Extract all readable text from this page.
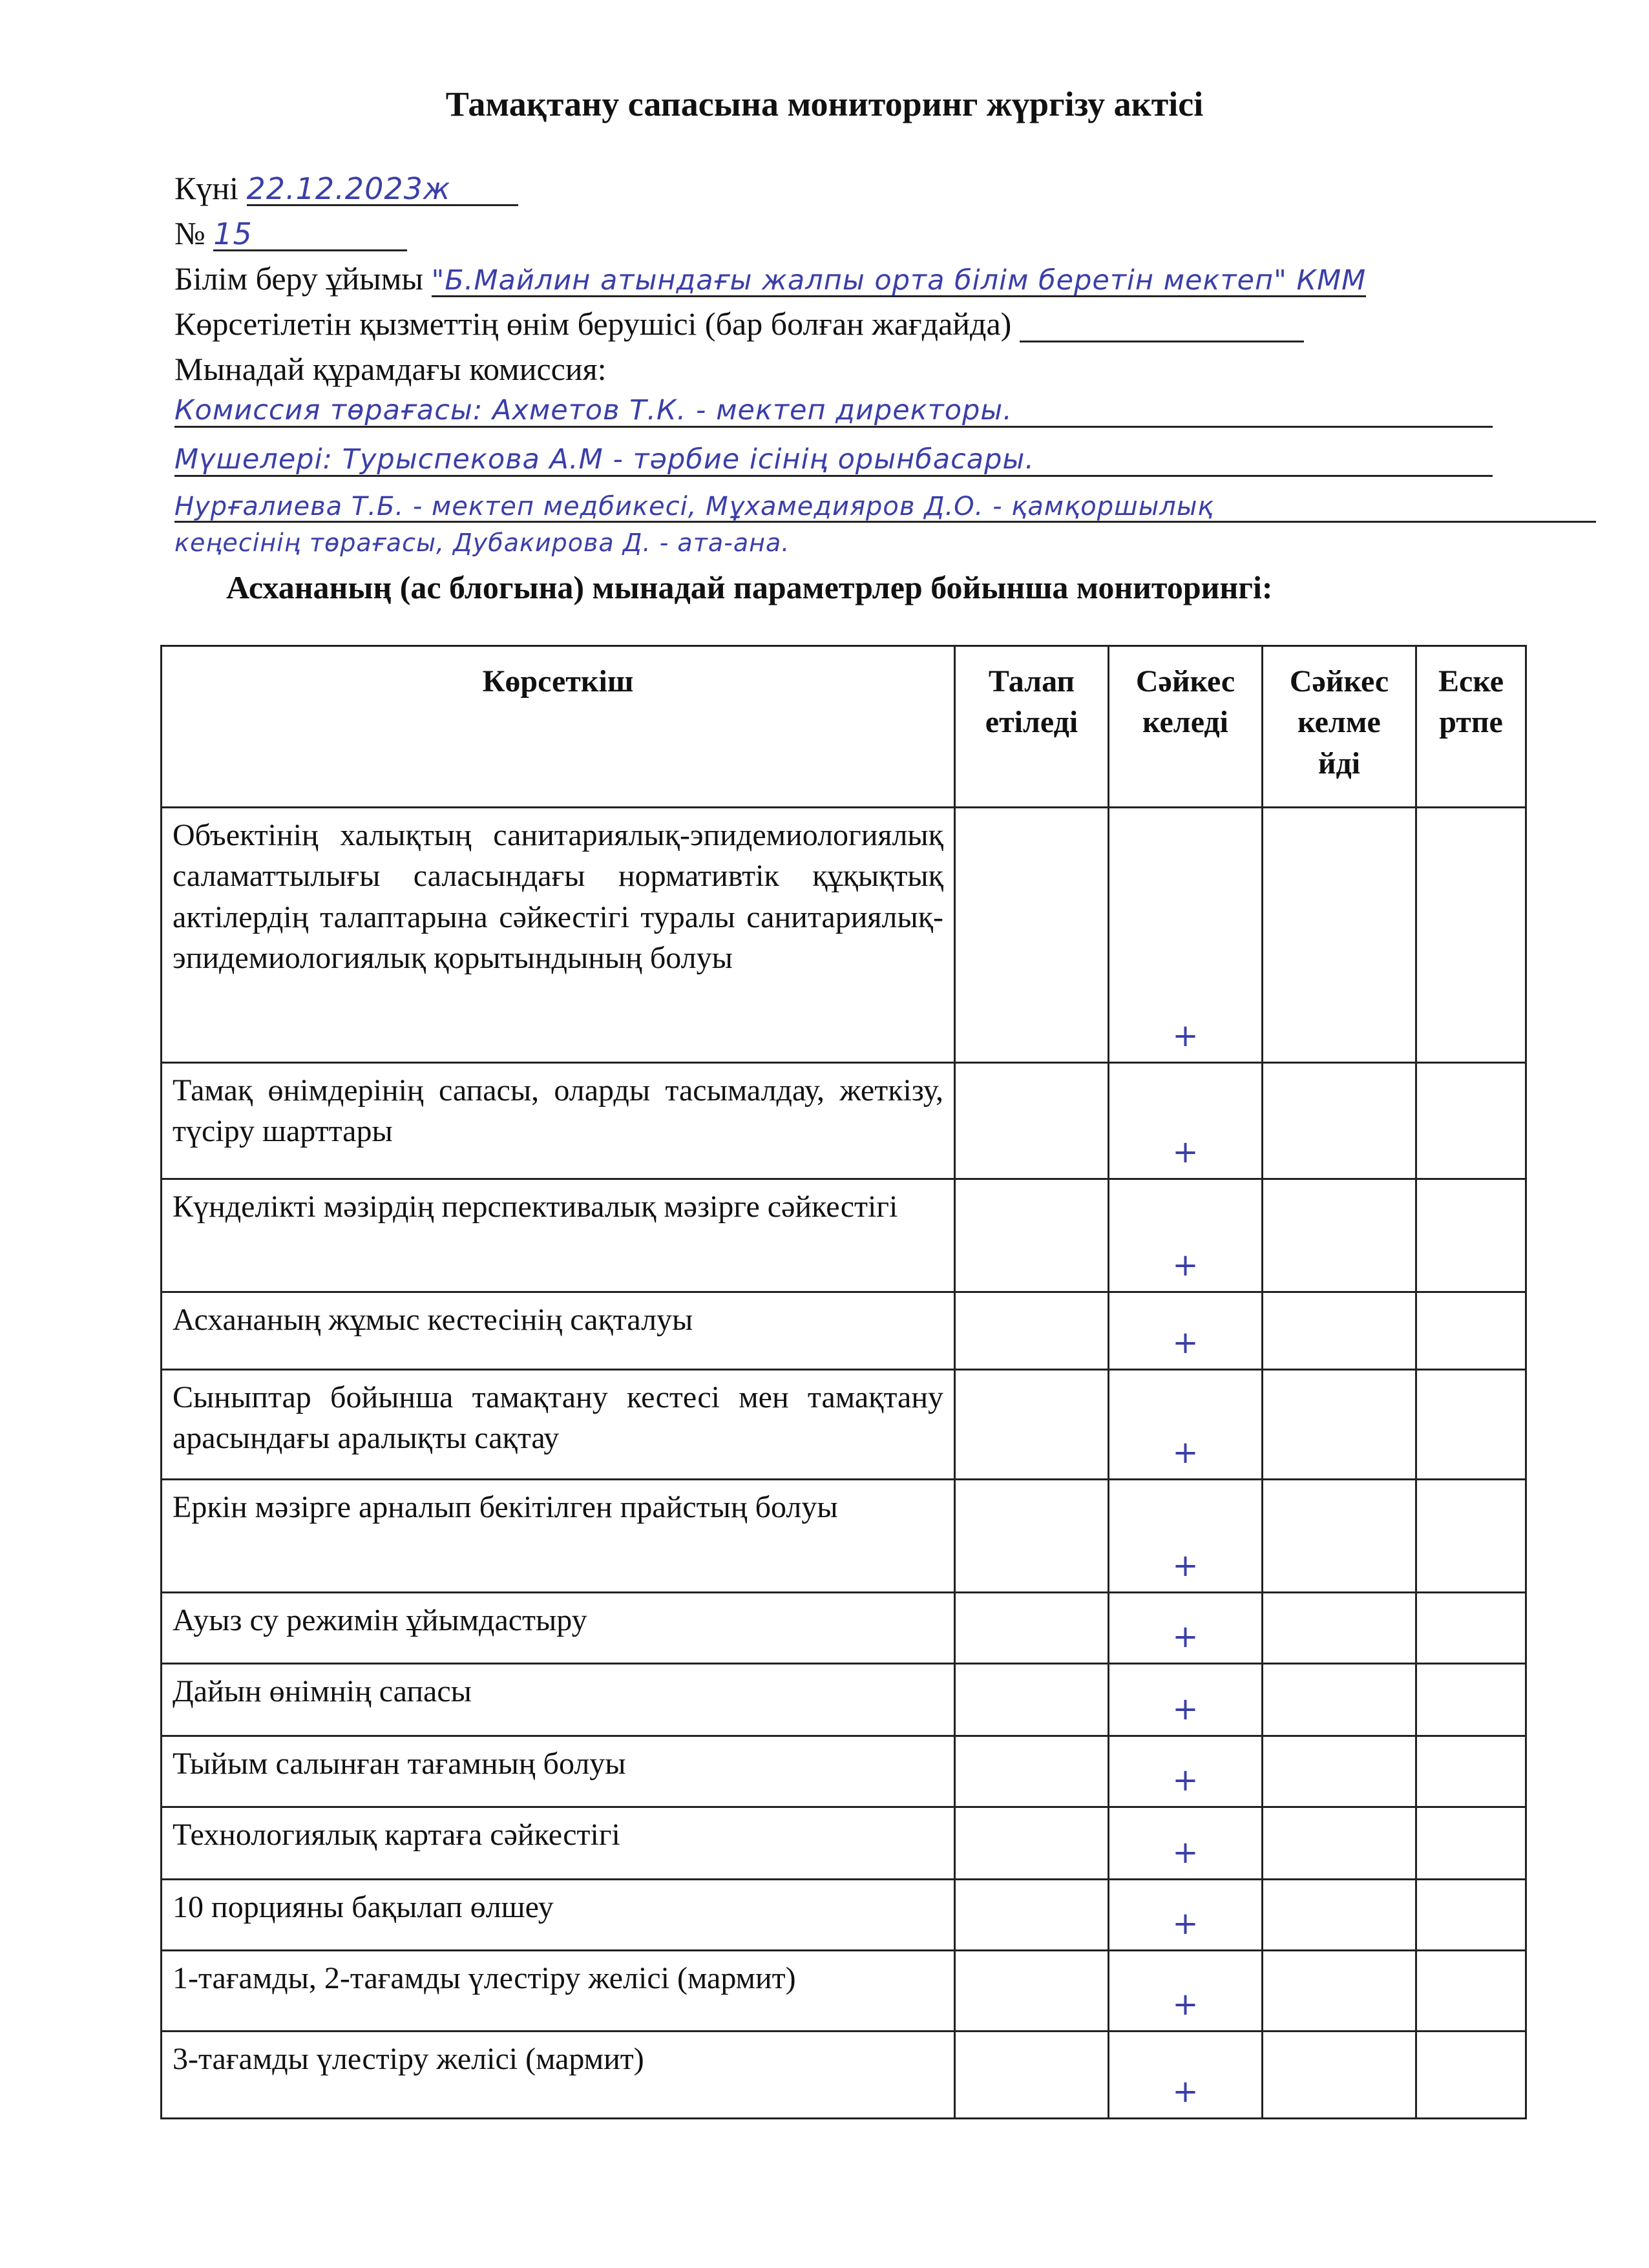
Тамақтану сапасына мониторинг жүргізу актісі
Күні 22.12.2023ж
№ 15
Білім беру ұйымы "Б.Майлин атындағы жалпы орта білім беретін мектеп" КММ
Көрсетілетін қызметтің өнім берушісі (бар болған жағдайда)
Мынадай құрамдағы комиссия:
Комиссия төрағасы: Ахметов Т.К. - мектеп директоры.
Мүшелері: Турыспекова А.М - тәрбие ісінің орынбасары.
Нурғалиева Т.Б. - мектеп медбикесі, Мұхамедияров Д.О. - қамқоршылық
кеңесінің төрағасы, Дубакирова Д. - ата-ана.
Асхананың (ас блогына) мынадай параметрлер бойынша мониторингі:
Көрсеткіш	Талап етіледі	Сәйкес келеді	Сәйкес келме йді	Еске ртпе
Объектінің халықтың санитариялық-эпидемиологиялық саламаттылығы саласындағы нормативтік құқықтық актілердің талаптарына сәйкестігі туралы санитариялық-эпидемиологиялық қорытындының болуы		+		
Тамақ өнімдерінің сапасы, оларды тасымалдау, жеткізу, түсіру шарттары		+		
Күнделікті мәзірдің перспективалық мәзірге сәйкестігі		+		
Асхананың жұмыс кестесінің сақталуы		+		
Сыныптар бойынша тамақтану кестесі мен тамақтану арасындағы аралықты сақтау		+		
Еркін мәзірге арналып бекітілген прайстың болуы		+		
Ауыз су режимін ұйымдастыру		+		
Дайын өнімнің сапасы		+		
Тыйым салынған тағамның болуы		+		
Технологиялық картаға сәйкестігі		+		
10 порцияны бақылап өлшеу		+		
1-тағамды, 2-тағамды үлестіру желісі (мармит)		+		
3-тағамды үлестіру желісі (мармит)		+		
